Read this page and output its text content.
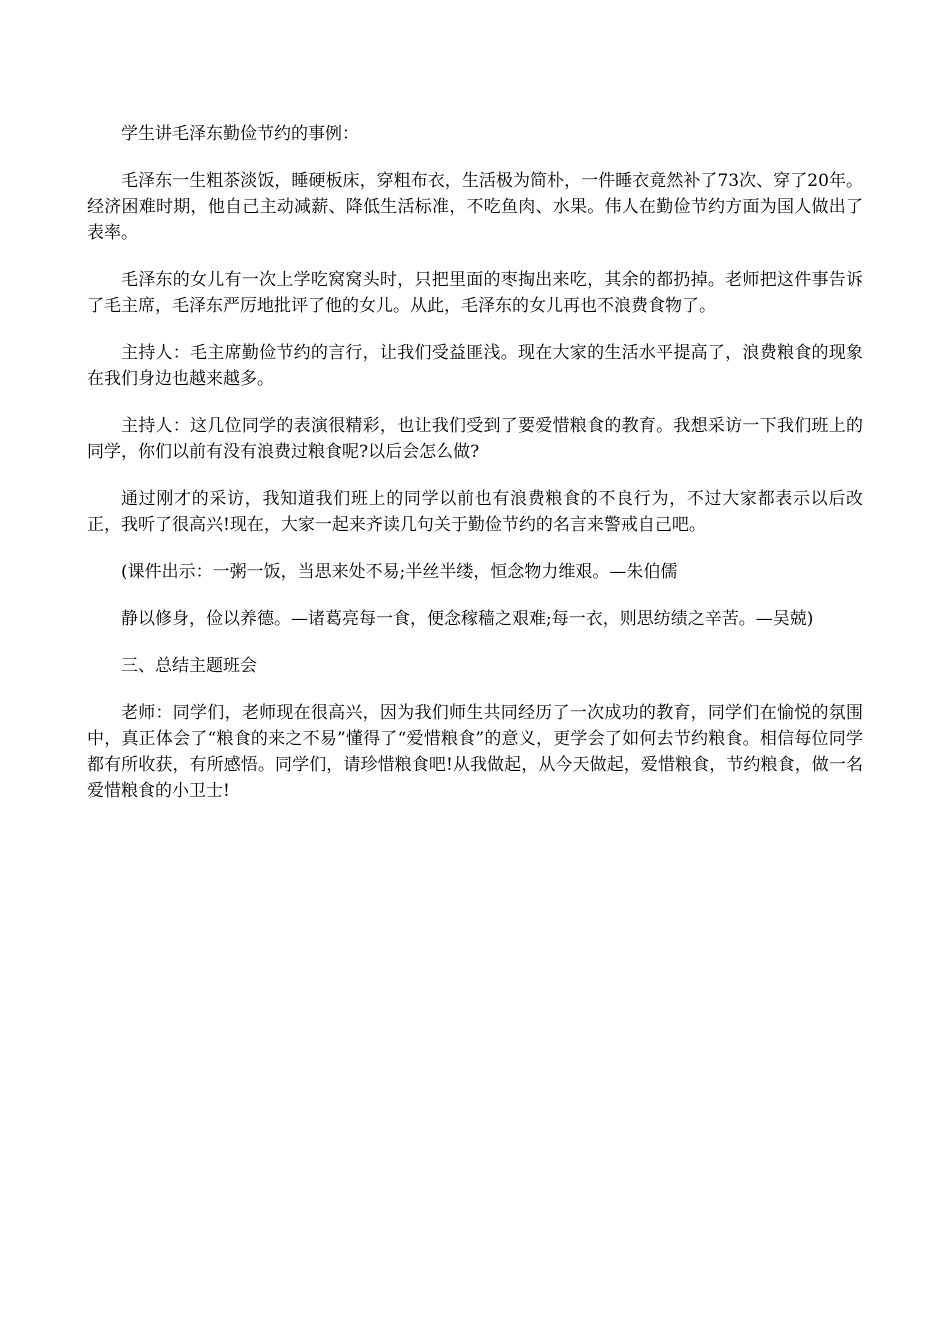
学生讲毛泽东勤俭节约的事例：

毛泽东一生粗茶淡饭，睡硬板床，穿粗布衣，生活极为简朴，一件睡衣竟然补了73次、穿了20年。经济困难时期，他自己主动减薪、降低生活标准，不吃鱼肉、水果。伟人在勤俭节约方面为国人做出了表率。

毛泽东的女儿有一次上学吃窝窝头时，只把里面的枣掏出来吃，其余的都扔掉。老师把这件事告诉了毛主席，毛泽东严厉地批评了他的女儿。从此，毛泽东的女儿再也不浪费食物了。

主持人：毛主席勤俭节约的言行，让我们受益匪浅。现在大家的生活水平提高了，浪费粮食的现象在我们身边也越来越多。

主持人：这几位同学的表演很精彩，也让我们受到了要爱惜粮食的教育。我想采访一下我们班上的同学，你们以前有没有浪费过粮食呢?以后会怎么做?

通过刚才的采访，我知道我们班上的同学以前也有浪费粮食的不良行为，不过大家都表示以后改正，我听了很高兴!现在，大家一起来齐读几句关于勤俭节约的名言来警戒自己吧。

(课件出示：一粥一饭，当思来处不易;半丝半缕，恒念物力维艰。—朱伯儒

静以修身，俭以养德。—诸葛亮每一食，便念稼穑之艰难;每一衣，则思纺绩之辛苦。—吴兢)

三、总结主题班会

老师：同学们，老师现在很高兴，因为我们师生共同经历了一次成功的教育，同学们在愉悦的氛围中，真正体会了“粮食的来之不易”懂得了“爱惜粮食”的意义，更学会了如何去节约粮食。相信每位同学都有所收获，有所感悟。同学们，请珍惜粮食吧!从我做起，从今天做起，爱惜粮食，节约粮食，做一名爱惜粮食的小卫士!
